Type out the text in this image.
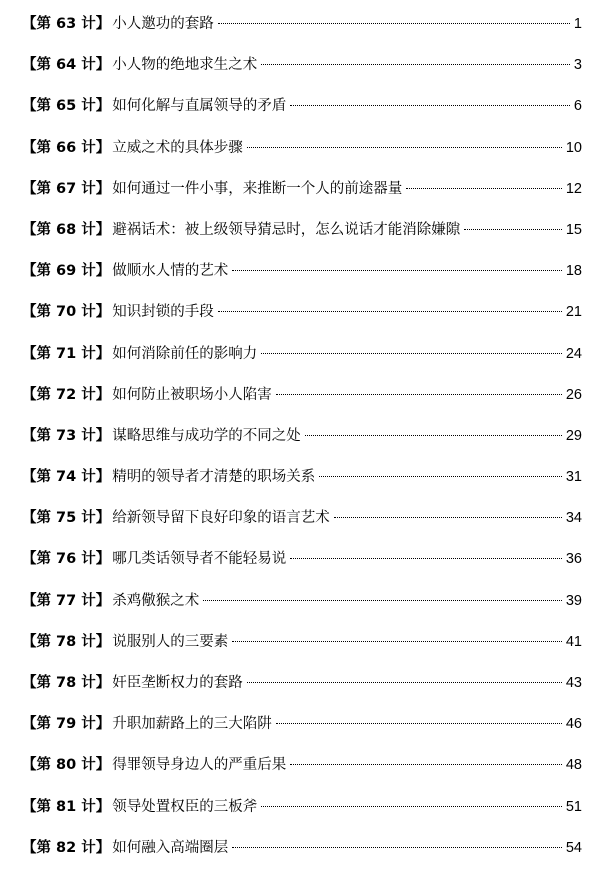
【第 63 计】 小人邀功的套路	1
【第 64 计】 小人物的绝地求生之术	3
【第 65 计】 如何化解与直属领导的矛盾	6
【第 66 计】 立威之术的具体步骤	10
【第 67 计】 如何通过一件小事，来推断一个人的前途器量	12
【第 68 计】 避祸话术：被上级领导猜忌时，怎么说话才能消除嫌隙	15
【第 69 计】 做顺水人情的艺术	18
【第 70 计】 知识封锁的手段	21
【第 71 计】 如何消除前任的影响力	24
【第 72 计】 如何防止被职场小人陷害	26
【第 73 计】 谋略思维与成功学的不同之处	29
【第 74 计】 精明的领导者才清楚的职场关系	31
【第 75 计】 给新领导留下良好印象的语言艺术	34
【第 76 计】 哪几类话领导者不能轻易说	36
【第 77 计】 杀鸡儆猴之术	39
【第 78 计】 说服别人的三要素	41
【第 78 计】 奸臣垄断权力的套路	43
【第 79 计】 升职加薪路上的三大陷阱	46
【第 80 计】 得罪领导身边人的严重后果	48
【第 81 计】 领导处置权臣的三板斧	51
【第 82 计】 如何融入高端圈层	54
